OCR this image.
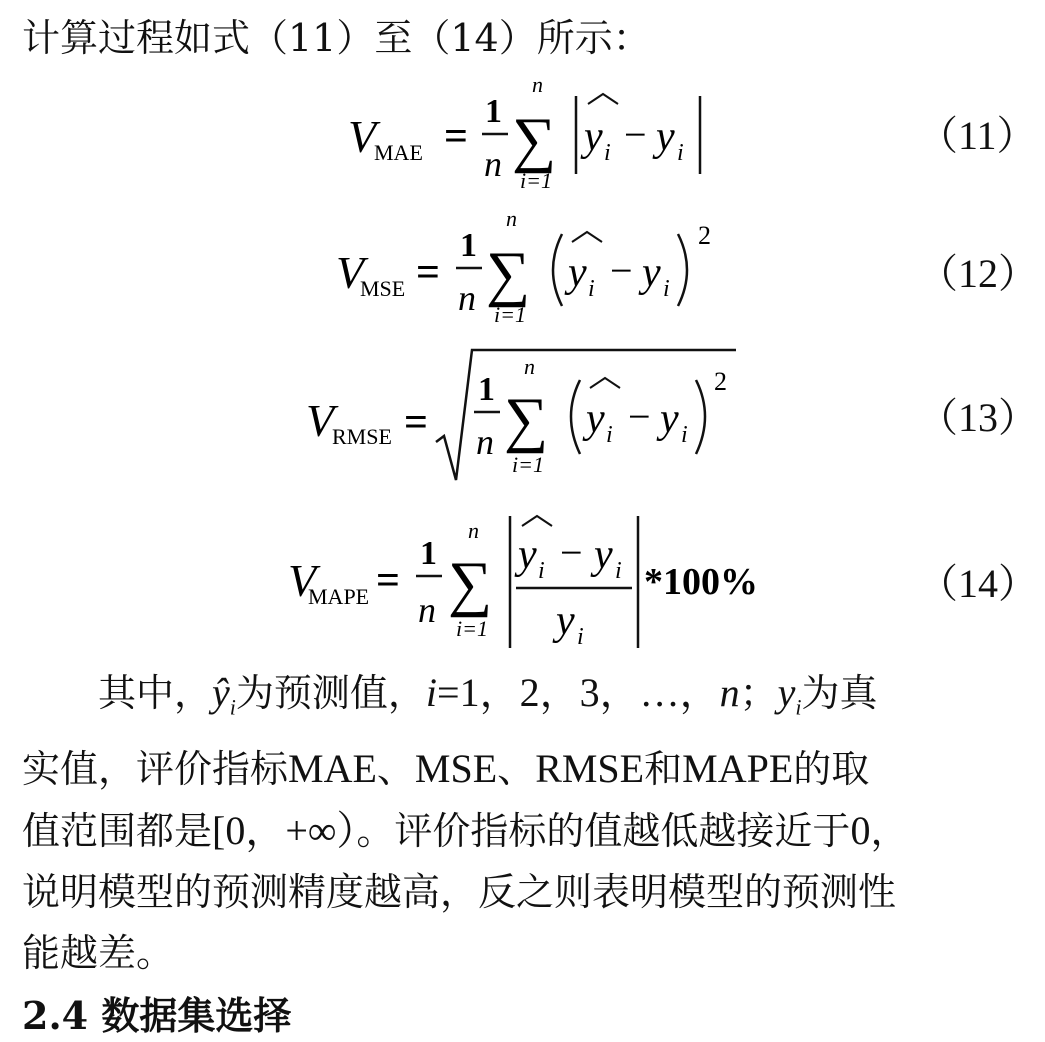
计算过程如式（11）至（14）所示：
V
MAE =
1
n
n
∑
i=1
y i − y i	（11）
V
MSE =
1
n
n
∑
i=1
y i − y i
2
（12）
V
RMSE =
1
n
n
∑
i=1
y i − y i
2
（13）
V
MAPE =
1
n
n
∑
i=1
y i − y i
y i
*100%	（14）

其中，$ŷ_i$为预测值，i=1，2，3，…，n；$y_i$为真

实值，评价指标MAE、MSE、RMSE和MAPE的取

值范围都是[0，+∞）。评价指标的值越低越接近于0，

说明模型的预测精度越高，反之则表明模型的预测性

能越差。

2.4 数据集选择
